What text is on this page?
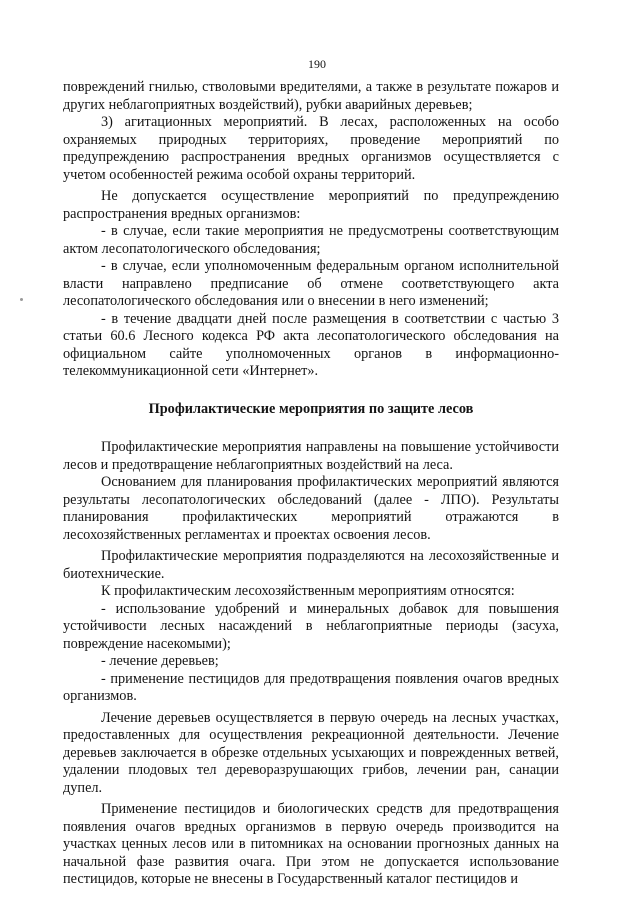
190

повреждений гнилью, стволовыми вредителями, а также в результате пожаров и других неблагоприятных воздействий), рубки аварийных деревьев;

3) агитационных мероприятий. В лесах, расположенных на особо охраняемых природных территориях, проведение мероприятий по предупреждению распространения вредных организмов осуществляется с учетом особенностей режима особой охраны территорий.

Не допускается осуществление мероприятий по предупреждению распространения вредных организмов:

- в случае, если такие мероприятия не предусмотрены соответствующим актом лесопатологического обследования;

- в случае, если уполномоченным федеральным органом исполнительной власти направлено предписание об отмене соответствующего акта лесопатологического обследования или о внесении в него изменений;

- в течение двадцати дней после размещения в соответствии с частью 3 статьи 60.6 Лесного кодекса РФ акта лесопатологического обследования на официальном сайте уполномоченных органов в информационно-телекоммуникационной сети «Интернет».

Профилактические мероприятия по защите лесов

Профилактические мероприятия направлены на повышение устойчивости лесов и предотвращение неблагоприятных воздействий на леса.

Основанием для планирования профилактических мероприятий являются результаты лесопатологических обследований (далее - ЛПО). Результаты планирования профилактических мероприятий отражаются в лесохозяйственных регламентах и проектах освоения лесов.

Профилактические мероприятия подразделяются на лесохозяйственные и биотехнические.

К профилактическим лесохозяйственным мероприятиям относятся:

- использование удобрений и минеральных добавок для повышения устойчивости лесных насаждений в неблагоприятные периоды (засуха, повреждение насекомыми);

- лечение деревьев;

- применение пестицидов для предотвращения появления очагов вредных организмов.

Лечение деревьев осуществляется в первую очередь на лесных участках, предоставленных для осуществления рекреационной деятельности. Лечение деревьев заключается в обрезке отдельных усыхающих и поврежденных ветвей, удалении плодовых тел дереворазрушающих грибов, лечении ран, санации дупел.

Применение пестицидов и биологических средств для предотвращения появления очагов вредных организмов в первую очередь производится на участках ценных лесов или в питомниках на основании прогнозных данных на начальной фазе развития очага. При этом не допускается использование пестицидов, которые не внесены в Государственный каталог пестицидов и
